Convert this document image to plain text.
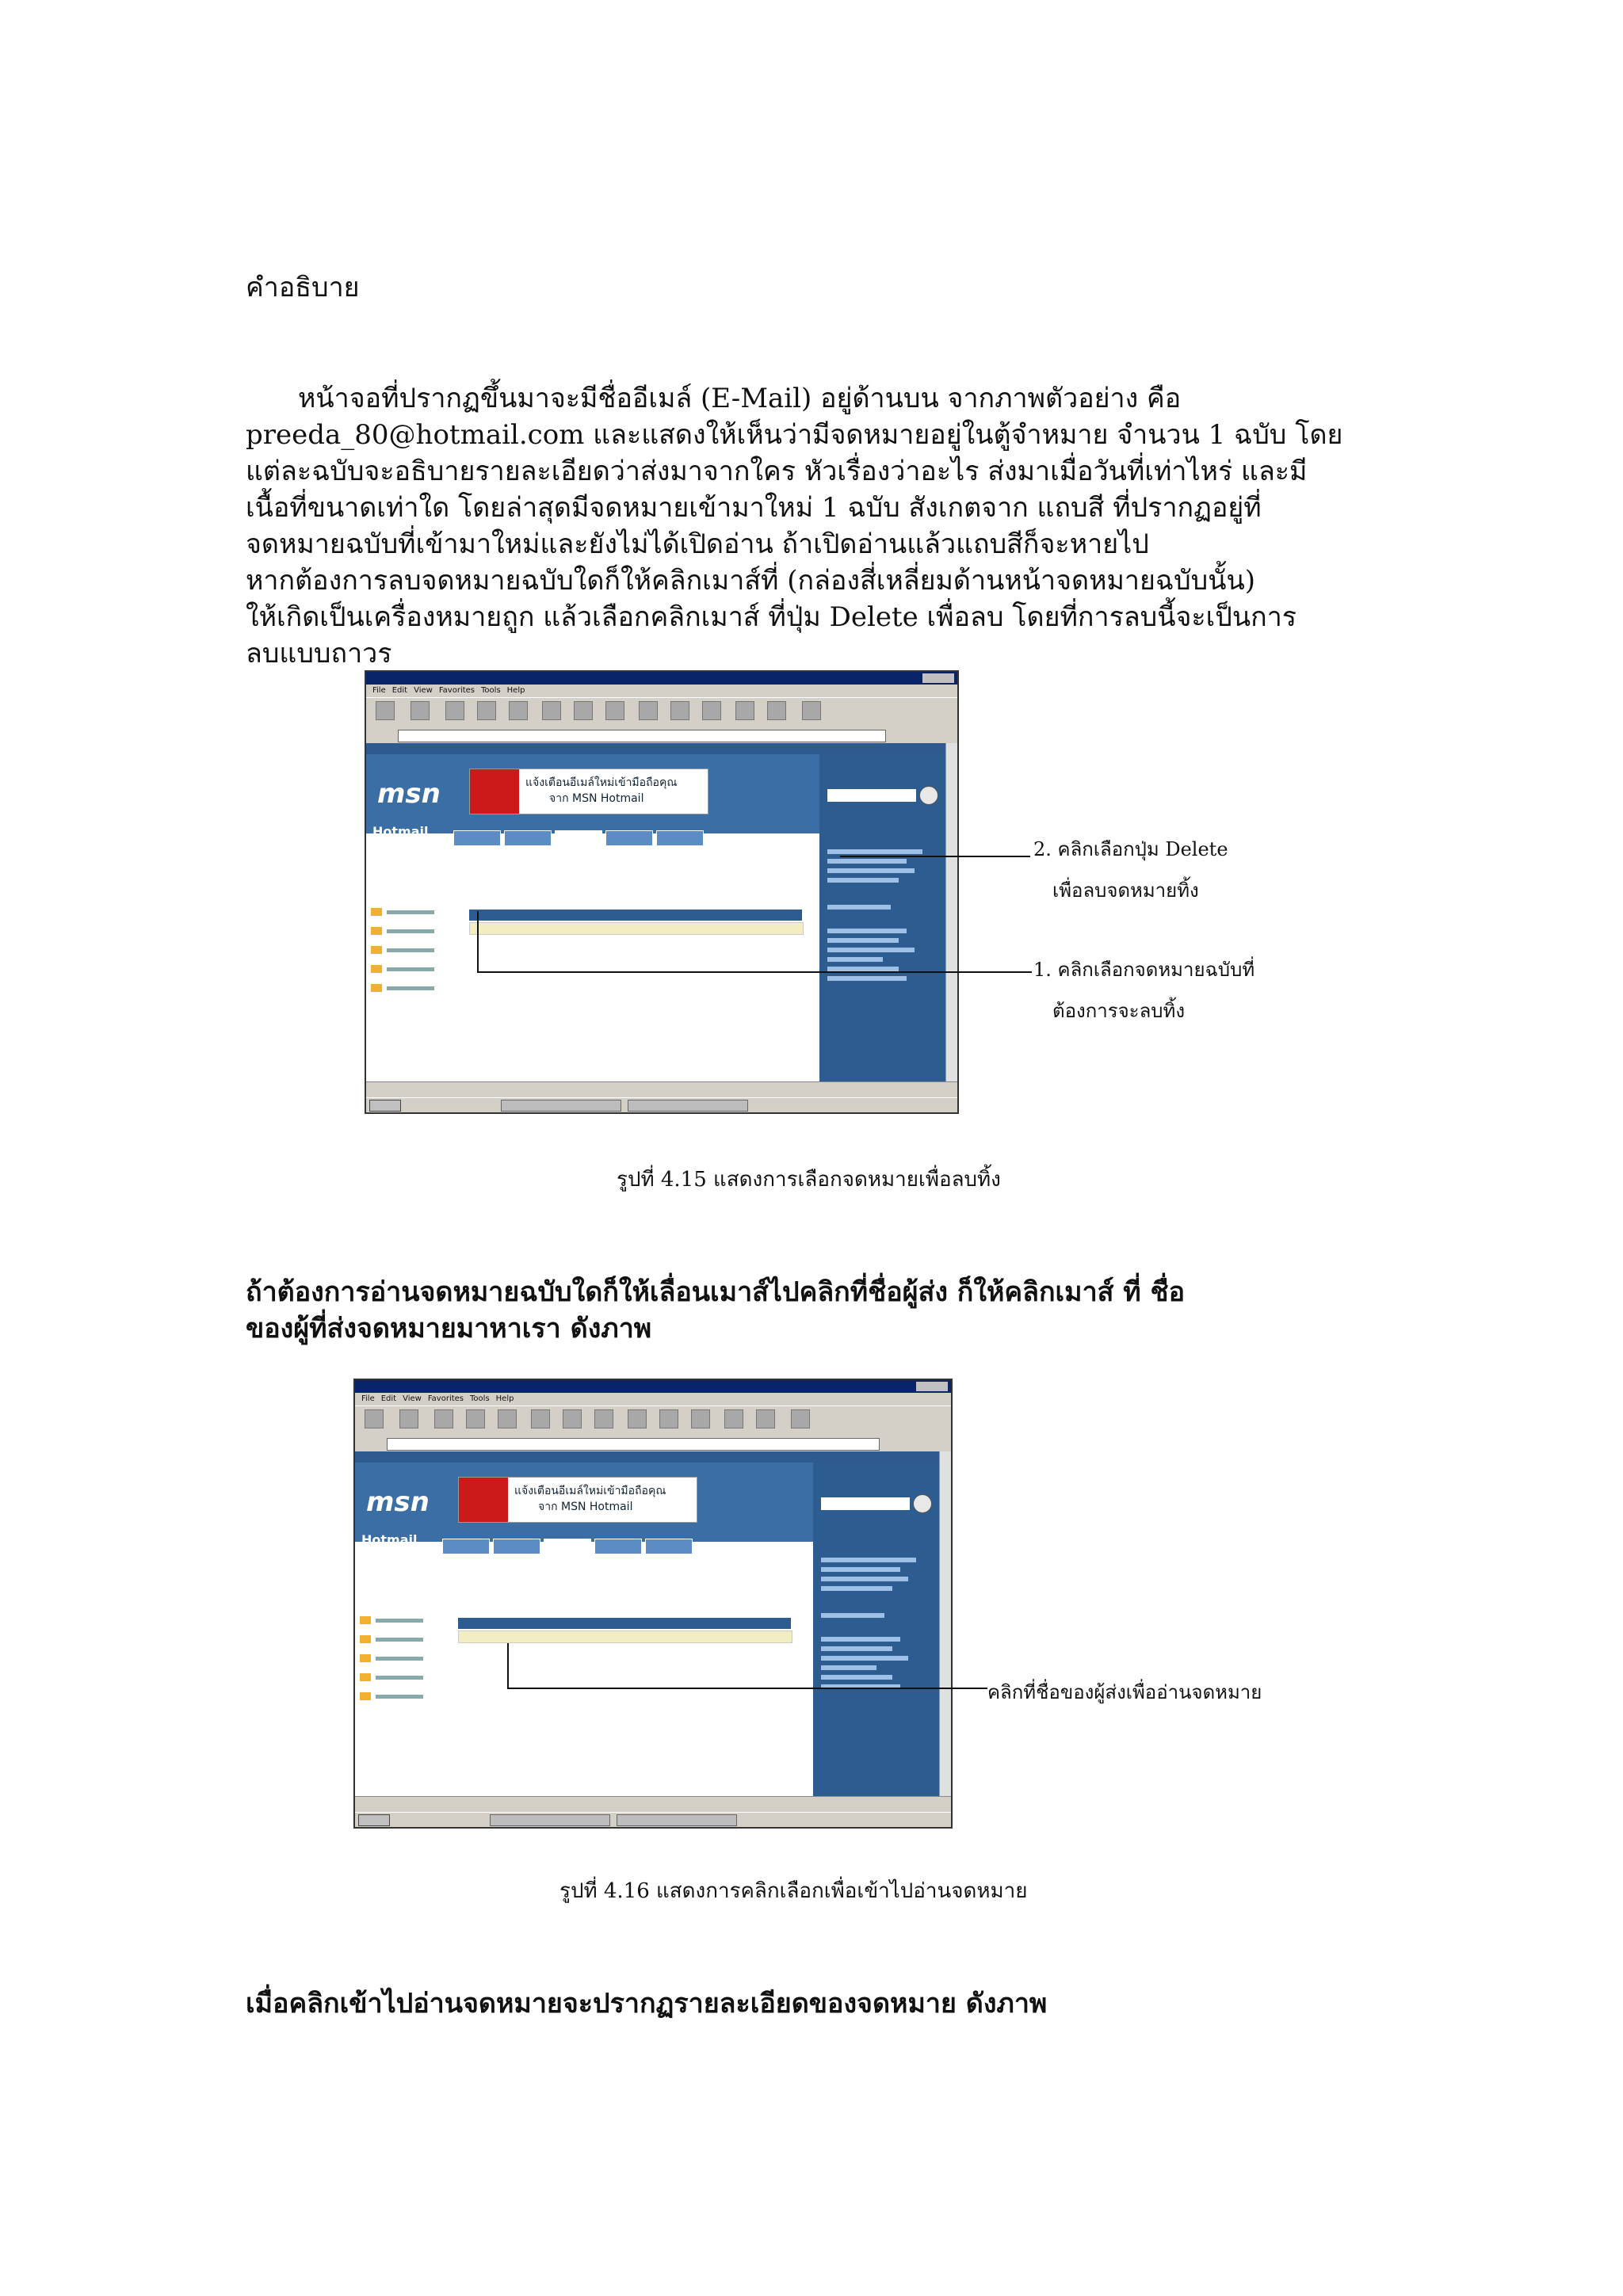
คำอธิบาย
หน้าจอที่ปรากฏขึ้นมาจะมีชื่ออีเมล์ (E-Mail) อยู่ด้านบน จากภาพตัวอย่าง คือ
preeda_80@hotmail.com และแสดงให้เห็นว่ามีจดหมายอยู่ในตู้จำหมาย จำนวน 1 ฉบับ โดย
แต่ละฉบับจะอธิบายรายละเอียดว่าส่งมาจากใคร หัวเรื่องว่าอะไร ส่งมาเมื่อวันที่เท่าไหร่ และมี
เนื้อที่ขนาดเท่าใด โดยล่าสุดมีจดหมายเข้ามาใหม่ 1 ฉบับ สังเกตจาก แถบสี ที่ปรากฏอยู่ที่
จดหมายฉบับที่เข้ามาใหม่และยังไม่ได้เปิดอ่าน ถ้าเปิดอ่านแล้วแถบสีก็จะหายไป
หากต้องการลบจดหมายฉบับใดก็ให้คลิกเมาส์ที่ (กล่องสี่เหลี่ยมด้านหน้าจดหมายฉบับนั้น)
ให้เกิดเป็นเครื่องหมายถูก แล้วเลือกคลิกเมาส์ ที่ปุ่ม Delete เพื่อลบ โดยที่การลบนี้จะเป็นการ
ลบแบบถาวร
File Edit View Favorites Tools Help
msn	แจ้งเตือนอีเมล์ใหม่เข้ามือถือคุณ
จาก MSN Hotmail
Hotmail
2. คลิกเลือกปุ่ม Delete
เพื่อลบจดหมายทิ้ง
1. คลิกเลือกจดหมายฉบับที่
ต้องการจะลบทิ้ง
รูปที่ 4.15 แสดงการเลือกจดหมายเพื่อลบทิ้ง
ถ้าต้องการอ่านจดหมายฉบับใดก็ให้เลื่อนเมาส์ไปคลิกที่ชื่อผู้ส่ง ก็ให้คลิกเมาส์ ที่ ชื่อ
ของผู้ที่ส่งจดหมายมาหาเรา ดังภาพ
File Edit View Favorites Tools Help
msn	แจ้งเตือนอีเมล์ใหม่เข้ามือถือคุณ
จาก MSN Hotmail
Hotmail
คลิกที่ชื่อของผู้ส่งเพื่ออ่านจดหมาย
รูปที่ 4.16 แสดงการคลิกเลือกเพื่อเข้าไปอ่านจดหมาย
เมื่อคลิกเข้าไปอ่านจดหมายจะปรากฏรายละเอียดของจดหมาย ดังภาพ
